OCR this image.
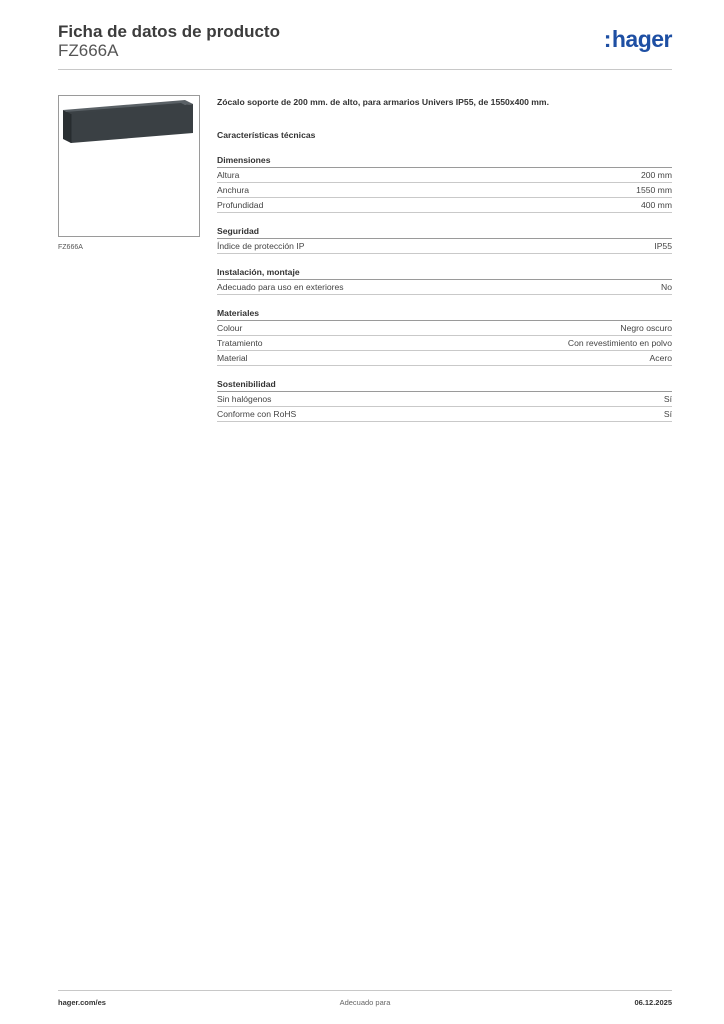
Ficha de datos de producto
FZ666A	:hager
FZ666A
Zócalo soporte de 200 mm. de alto, para armarios Univers IP55, de 1550x400 mm.
Características técnicas
Dimensiones
Altura	200 mm
Anchura	1550 mm
Profundidad	400 mm
Seguridad
Índice de protección IP	IP55
Instalación, montaje
Adecuado para uso en exteriores	No
Materiales
Colour	Negro oscuro
Tratamiento	Con revestimiento en polvo
Material	Acero
Sostenibilidad
Sin halógenos	Sí
Conforme con RoHS	Sí
hager.com/es	Adecuado para	06.12.2025
